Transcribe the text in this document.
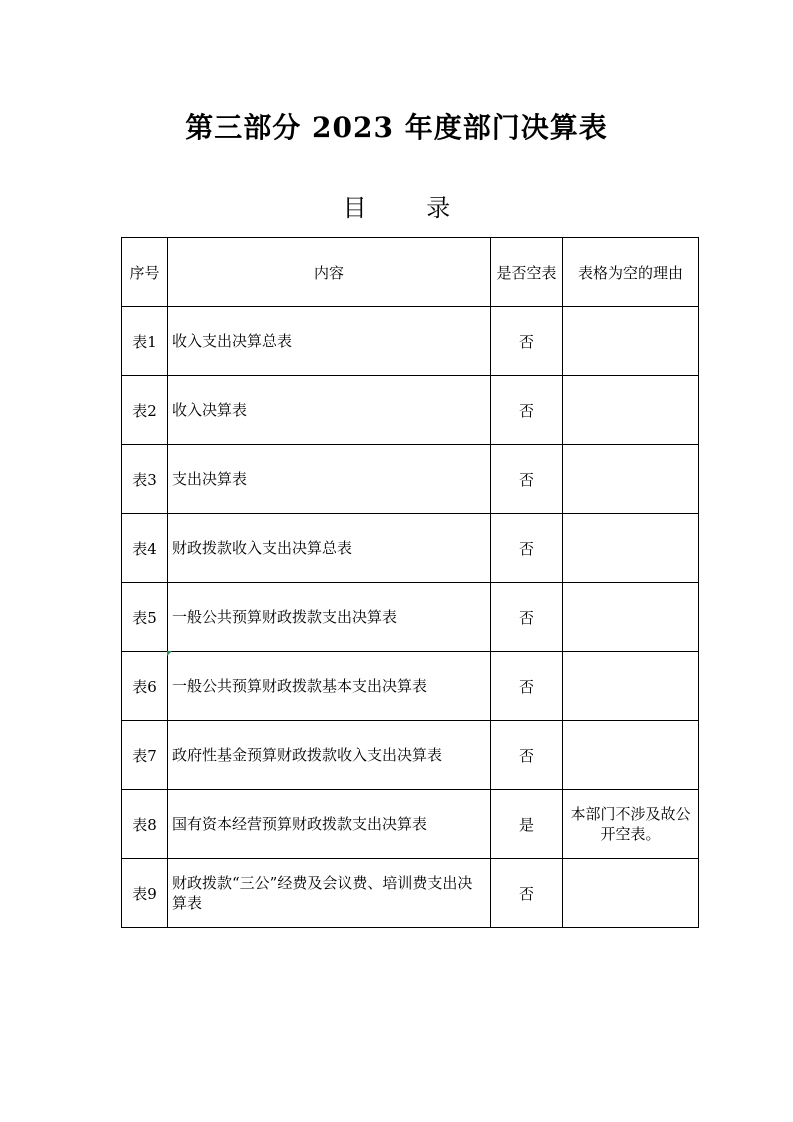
第三部分 2023 年度部门决算表
目 录
序号	内容	是否空表	表格为空的理由
表1	收入支出决算总表	否	
表2	收入决算表	否	
表3	支出决算表	否	
表4	财政拨款收入支出决算总表	否	
表5	一般公共预算财政拨款支出决算表	否	
表6	一般公共预算财政拨款基本支出决算表	否	
表7	政府性基金预算财政拨款收入支出决算表	否	
表8	国有资本经营预算财政拨款支出决算表	是	本部门不涉及故公开空表。
表9	财政拨款“三公”经费及会议费、培训费支出决算表	否	
